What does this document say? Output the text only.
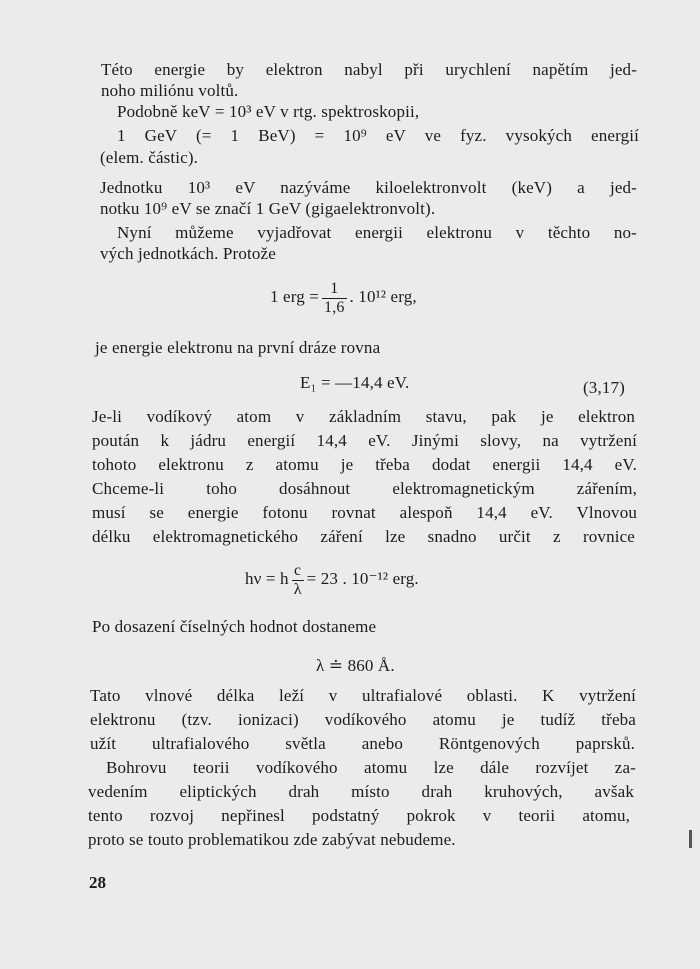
Této energie by elektron nabyl při urychlení napětím jed-
noho miliónu voltů.
Podobně keV = 10³ eV v rtg. spektroskopii,
1 GeV (= 1 BeV) = 10⁹ eV ve fyz. vysokých energií
(elem. částic).
Jednotku 10³ eV nazýváme kiloelektronvolt (keV) a jed-
notku 10⁹ eV se značí 1 GeV (gigaelektronvolt).
Nyní můžeme vyjadřovat energii elektronu v těchto no-
vých jednotkách. Protože
1 erg = $\frac{1}{1,6}$ . 10¹² erg,
je energie elektronu na první dráze rovna
E₁ = —14,4 eV.	(3,17)
Je-li vodíkový atom v základním stavu, pak je elektron
poután k jádru energií 14,4 eV. Jinými slovy, na vytržení
tohoto elektronu z atomu je třeba dodat energii 14,4 eV.
Chceme-li toho dosáhnout elektromagnetickým zářením,
musí se energie fotonu rovnat alespoň 14,4 eV. Vlnovou
délku elektromagnetického záření lze snadno určit z rovnice
hν = h $\frac{c}{\lambda} = 23$ . 10⁻¹² erg.
Po dosazení číselných hodnot dostaneme
λ ≐ 860 Å.
Tato vlnové délka leží v ultrafialové oblasti. K vytržení
elektronu (tzv. ionizaci) vodíkového atomu je tudíž třeba
užít ultrafialového světla anebo Röntgenových paprsků.
Bohrovu teorii vodíkového atomu lze dále rozvíjet za-
vedením eliptických drah místo drah kruhových, avšak
tento rozvoj nepřinesl podstatný pokrok v teorii atomu,
proto se touto problematikou zde zabývat nebudeme.
28
